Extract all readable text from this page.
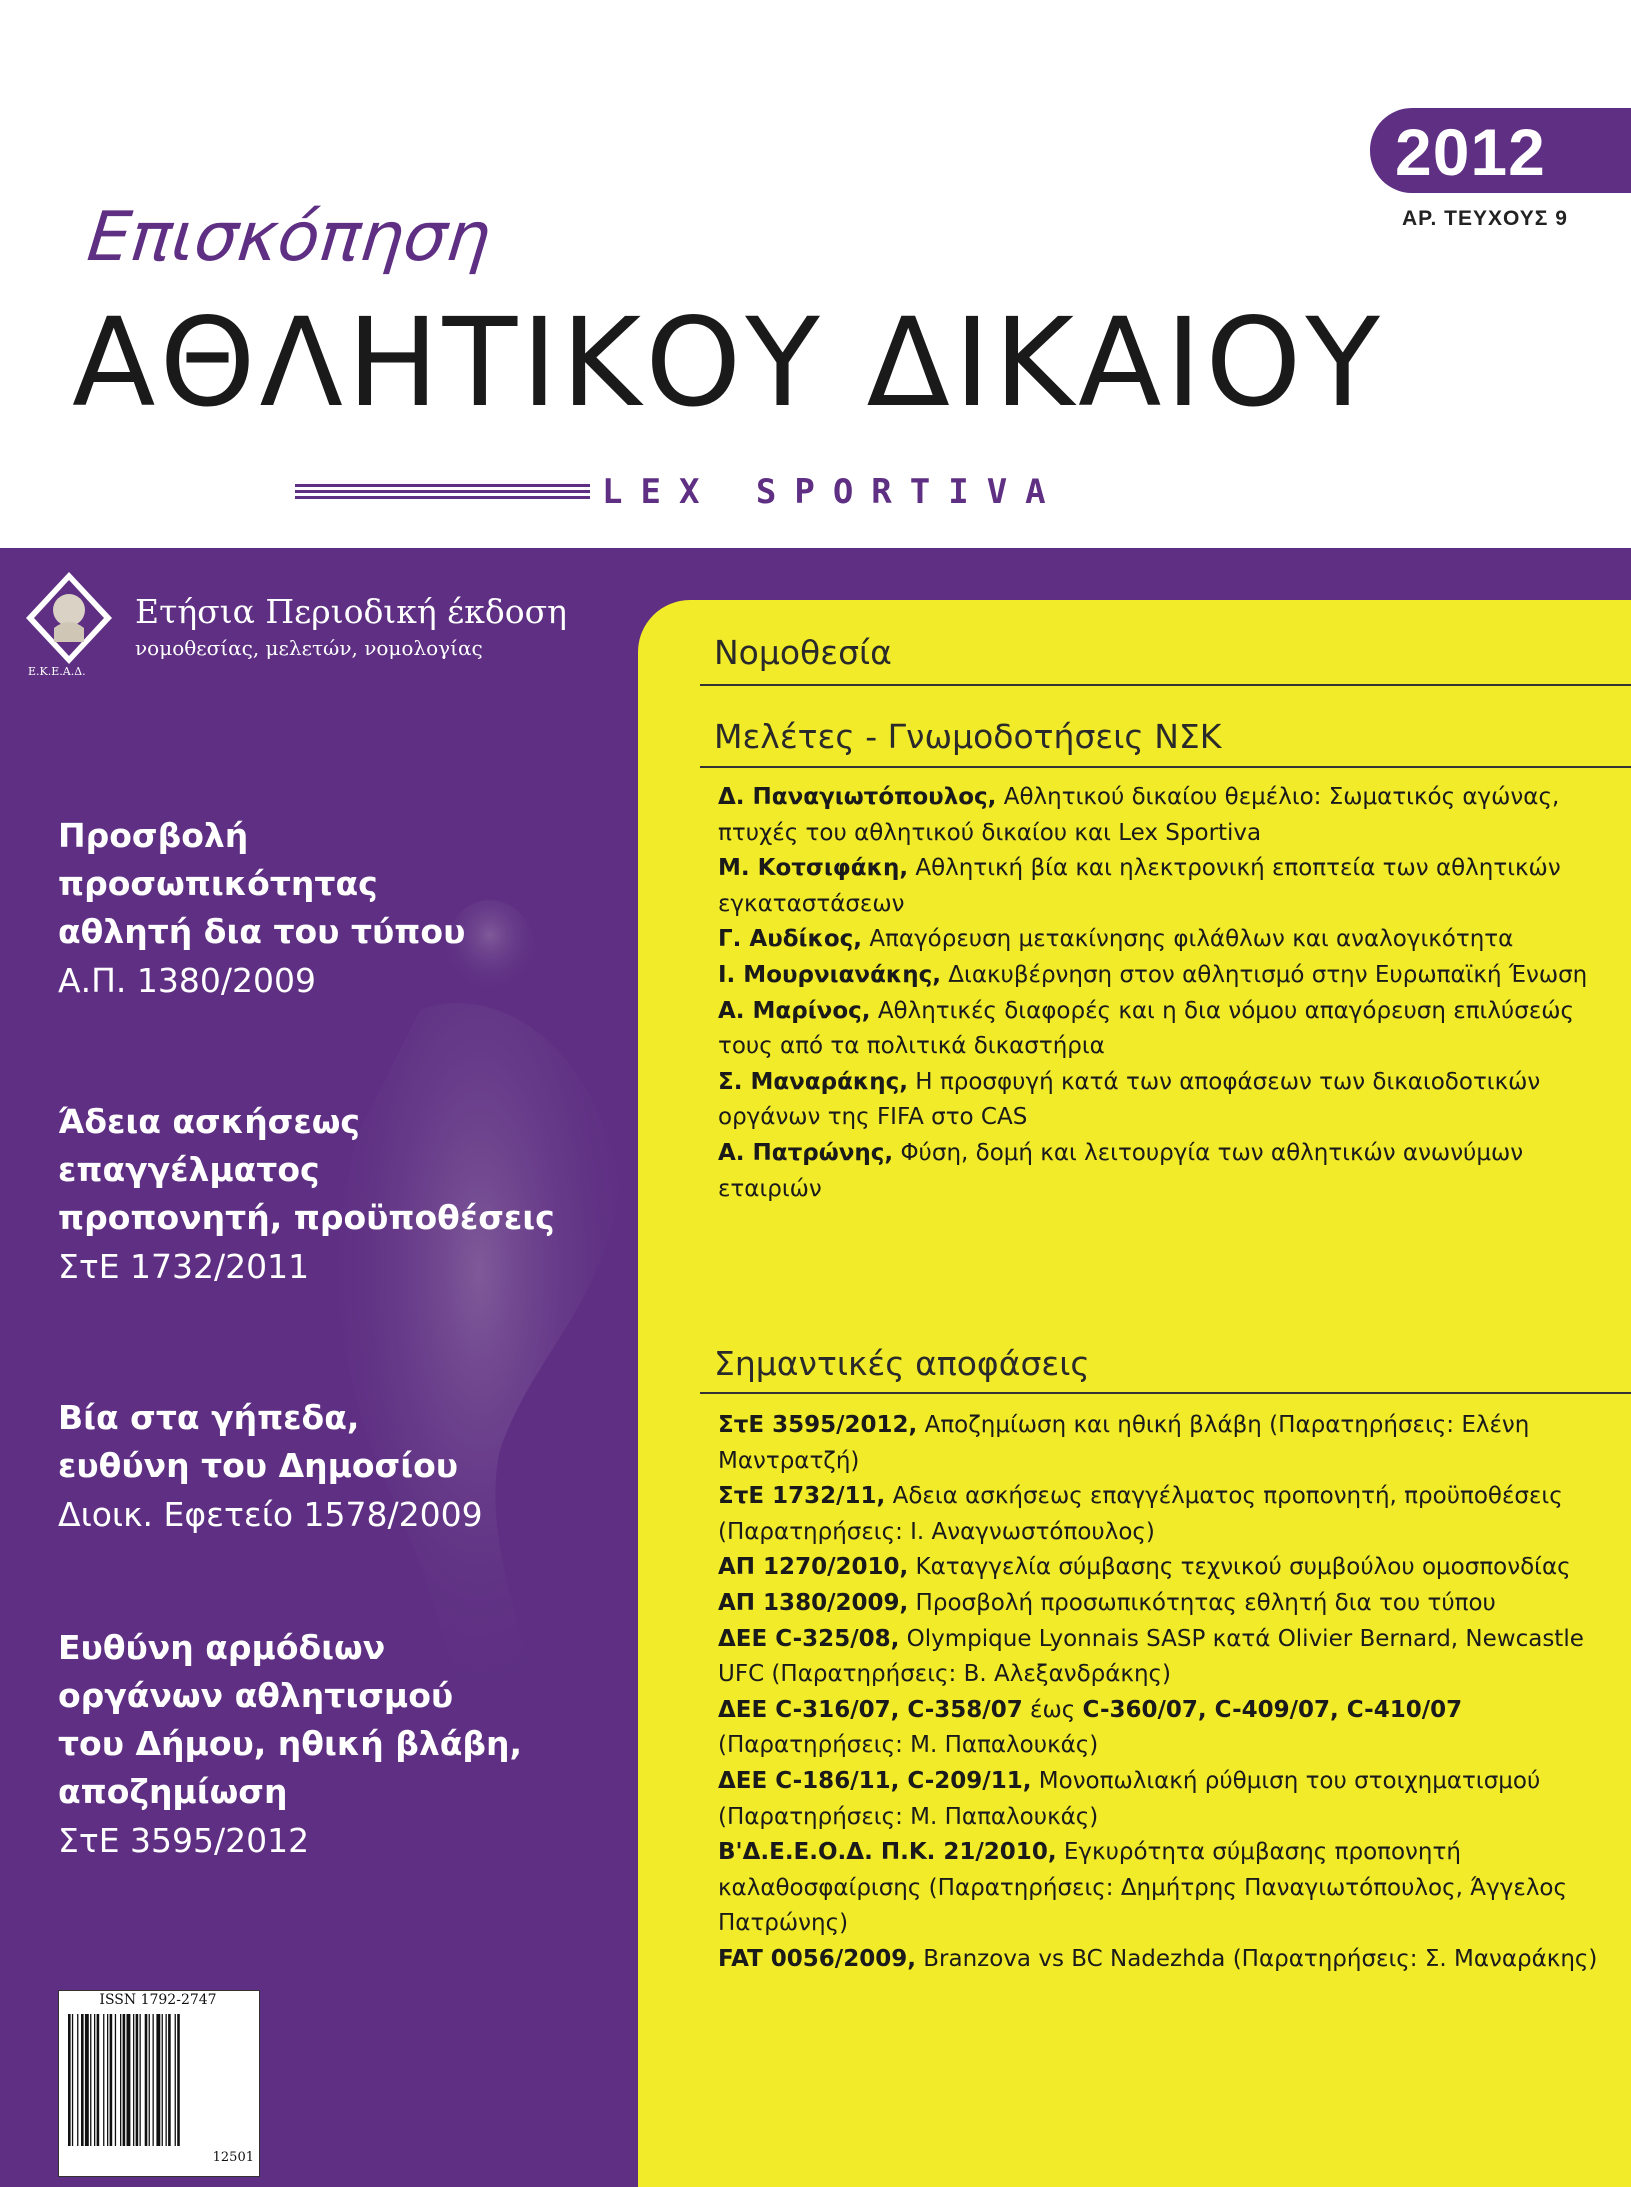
2012
ΑΡ. ΤΕΥΧΟΥΣ 9
Επισκόπηση
ΑΘΛΗΤΙΚΟΥ ΔΙΚΑΙΟΥ
LEX SPORTIVA
Ε.Κ.Ε.Α.Δ.
Ετήσια Περιοδική έκδοση
νομοθεσίας, μελετών, νομολογίας
Προσβολή
προσωπικότητας
αθλητή δια του τύπου
Α.Π. 1380/2009
Άδεια ασκήσεως
επαγγέλματος
προπονητή, προϋποθέσεις
ΣτΕ 1732/2011
Βία στα γήπεδα,
ευθύνη του Δημοσίου
Διοικ. Εφετείο 1578/2009
Ευθύνη αρμόδιων
οργάνων αθλητισμού
του Δήμου, ηθική βλάβη,
αποζημίωση
ΣτΕ 3595/2012
Νομοθεσία
Μελέτες - Γνωμοδοτήσεις ΝΣΚ
Δ. Παναγιωτόπουλος, Αθλητικού δικαίου θεμέλιο: Σωματικός αγώνας, πτυχές του αθλητικού δικαίου και Lex Sportiva
Μ. Κοτσιφάκη, Αθλητική βία και ηλεκτρονική εποπτεία των αθλητικών εγκαταστάσεων
Γ. Αυδίκος, Απαγόρευση μετακίνησης φιλάθλων και αναλογικότητα
Ι. Μουρνιανάκης, Διακυβέρνηση στον αθλητισμό στην Ευρωπαϊκή Ένωση
Α. Μαρίνος, Αθλητικές διαφορές και η δια νόμου απαγόρευση επιλύσεώς τους από τα πολιτικά δικαστήρια
Σ. Μαναράκης, Η προσφυγή κατά των αποφάσεων των δικαιοδοτικών οργάνων της FIFA στο CAS
Α. Πατρώνης, Φύση, δομή και λειτουργία των αθλητικών ανωνύμων εταιριών
Σημαντικές αποφάσεις
ΣτΕ 3595/2012, Αποζημίωση και ηθική βλάβη (Παρατηρήσεις: Ελένη Μαντρατζή)
ΣτΕ 1732/11, Αδεια ασκήσεως επαγγέλματος προπονητή, προϋποθέσεις (Παρατηρήσεις: Ι. Αναγνωστόπουλος)
ΑΠ 1270/2010, Καταγγελία σύμβασης τεχνικού συμβούλου ομοσπονδίας
ΑΠ 1380/2009, Προσβολή προσωπικότητας εθλητή δια του τύπου
ΔΕΕ C-325/08, Olympique Lyonnais SASP κατά Olivier Bernard, Newcastle UFC (Παρατηρήσεις: Β. Αλεξανδράκης)
ΔΕΕ C-316/07, C-358/07 έως C-360/07, C-409/07, C-410/07 (Παρατηρήσεις: Μ. Παπαλουκάς)
ΔΕΕ C-186/11, C-209/11, Μονοπωλιακή ρύθμιση του στοιχηματισμού (Παρατηρήσεις: Μ. Παπαλουκάς)
Β'Δ.Ε.Ε.Ο.Δ. Π.Κ. 21/2010, Εγκυρότητα σύμβασης προπονητή καλαθοσφαίρισης (Παρατηρήσεις: Δημήτρης Παναγιωτόπουλος, Άγγελος Πατρώνης)
FAT 0056/2009, Branzova vs BC Nadezhda (Παρατηρήσεις: Σ. Μαναράκης)
ISSN 1792-2747
12501
